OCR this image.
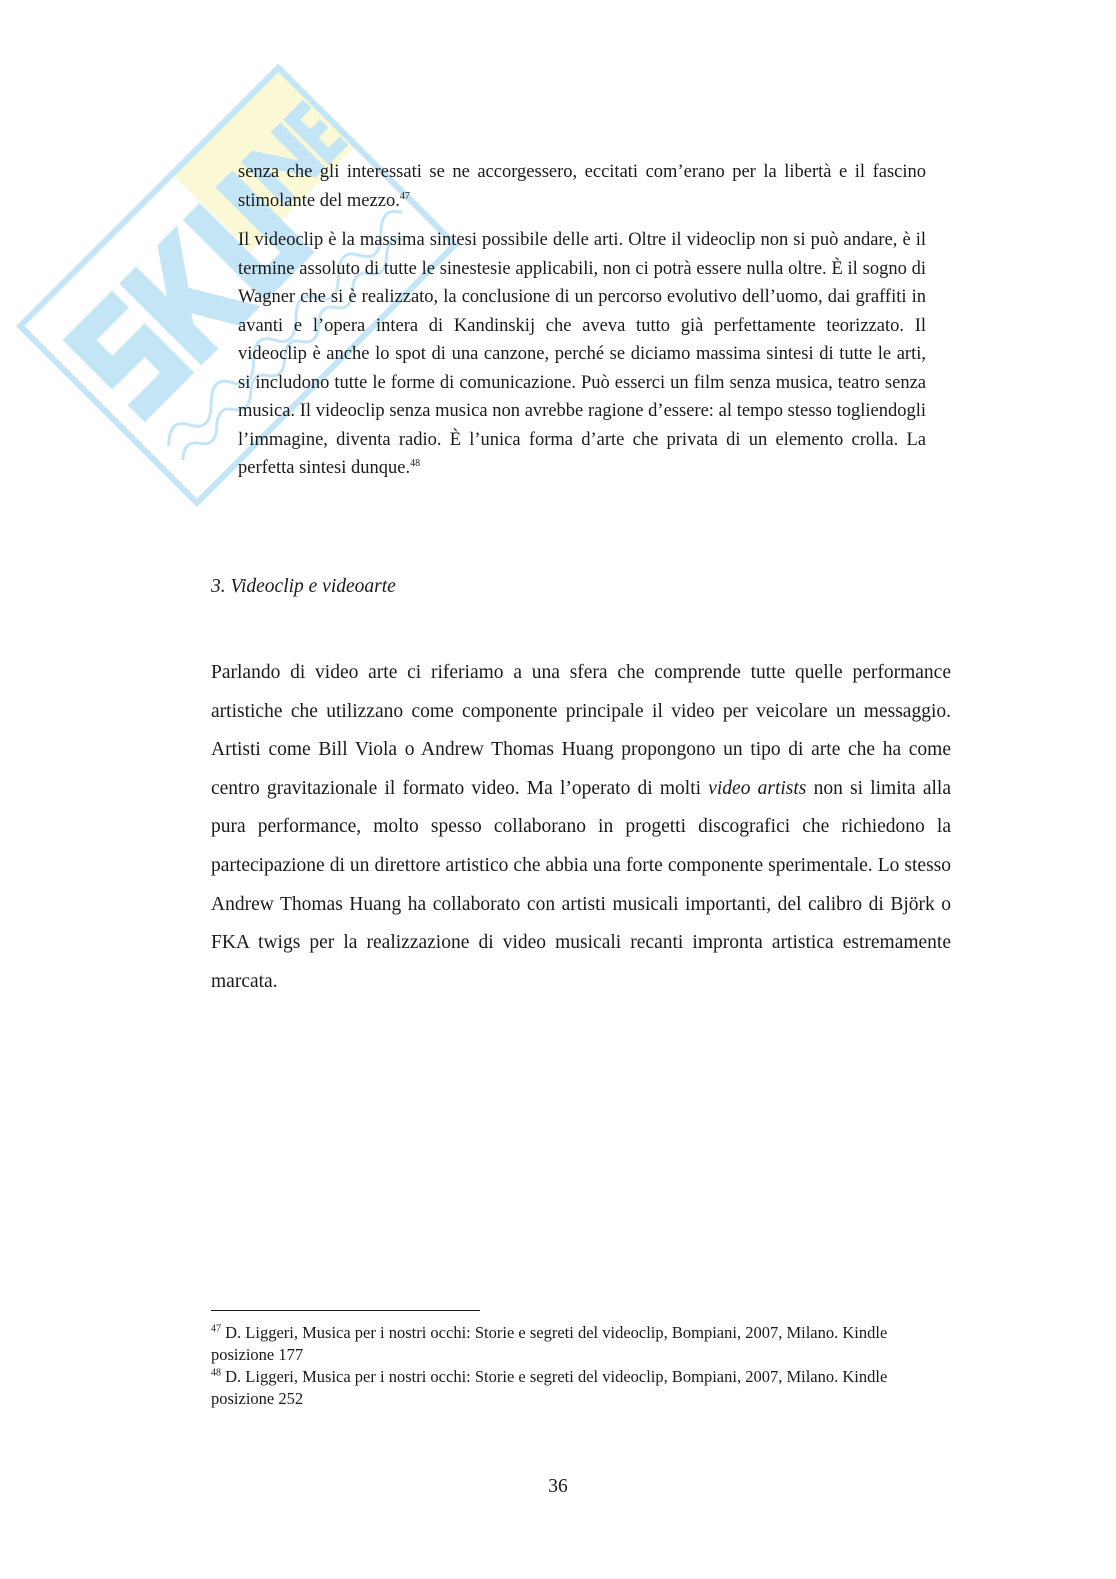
senza che gli interessati se ne accorgessero, eccitati com’erano per la libertà e il fascino stimolante del mezzo.$^{47}$

Il videoclip è la massima sintesi possibile delle arti. Oltre il videoclip non si può andare, è il termine assoluto di tutte le sinestesie applicabili, non ci potrà essere nulla oltre. È il sogno di Wagner che si è realizzato, la conclusione di un percorso evolutivo dell’uomo, dai graffiti in avanti e l’opera intera di Kandinskij che aveva tutto già perfettamente teorizzato. Il videoclip è anche lo spot di una canzone, perché se diciamo massima sintesi di tutte le arti, si includono tutte le forme di comunicazione. Può esserci un film senza musica, teatro senza musica. Il videoclip senza musica non avrebbe ragione d’essere: al tempo stesso togliendogli l’immagine, diventa radio. È l’unica forma d’arte che privata di un elemento crolla. La perfetta sintesi dunque.$^{48}$

3. Videoclip e videoarte

Parlando di video arte ci riferiamo a una sfera che comprende tutte quelle performance artistiche che utilizzano come componente principale il video per veicolare un messaggio. Artisti come Bill Viola o Andrew Thomas Huang propongono un tipo di arte che ha come centro gravitazionale il formato video. Ma l’operato di molti video artists non si limita alla pura performance, molto spesso collaborano in progetti discografici che richiedono la partecipazione di un direttore artistico che abbia una forte componente sperimentale. Lo stesso Andrew Thomas Huang ha collaborato con artisti musicali importanti, del calibro di Björk o FKA twigs per la realizzazione di video musicali recanti impronta artistica estremamente marcata.

$^{47}$ D. Liggeri, Musica per i nostri occhi: Storie e segreti del videoclip, Bompiani, 2007, Milano. Kindle posizione 177

$^{48}$ D. Liggeri, Musica per i nostri occhi: Storie e segreti del videoclip, Bompiani, 2007, Milano. Kindle posizione 252

36
